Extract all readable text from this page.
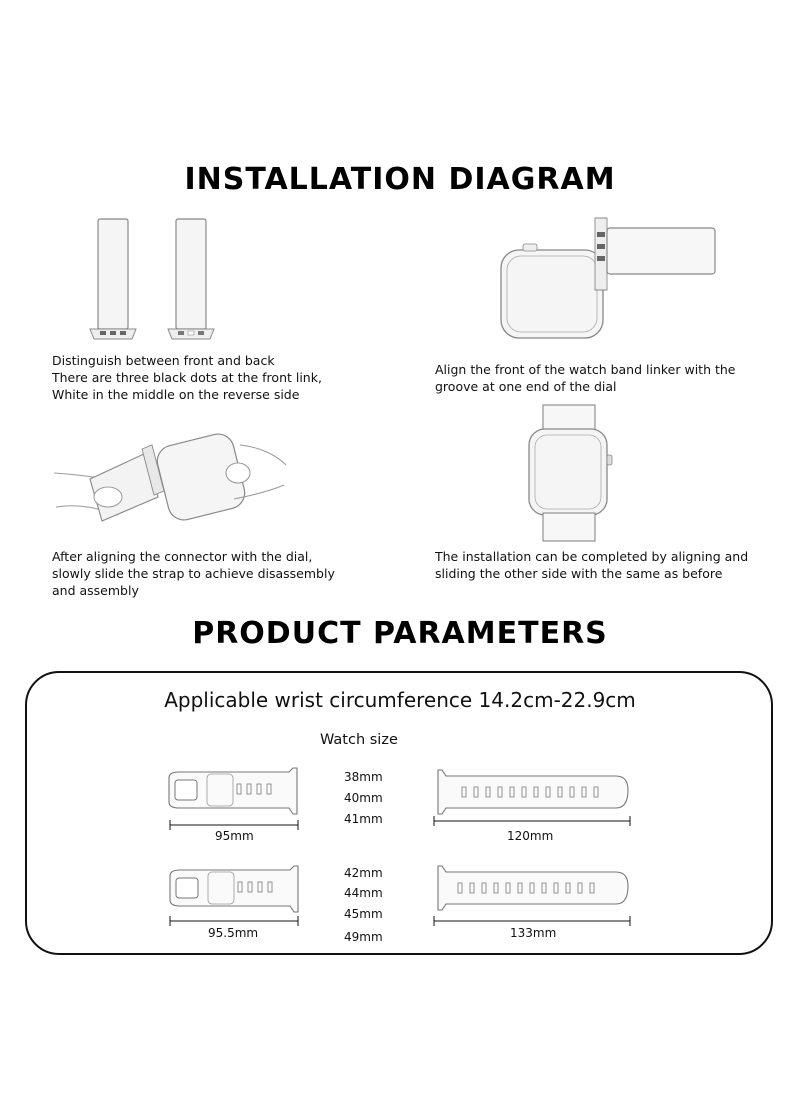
INSTALLATION DIAGRAM
PRODUCT PARAMETERS
Distinguish between front and back
There are three black dots at the front link,
White in the middle on the reverse side
Align the front of the watch band linker with the
groove at one end of the dial
After aligning the connector with the dial,
slowly slide the strap to achieve disassembly
and assembly
The installation can be completed by aligning and
sliding the other side with the same as before
Applicable wrist circumference 14.2cm-22.9cm
Watch size
95mm	120mm
38mm
40mm
41mm
95.5mm	133mm
42mm
44mm
45mm
49mm
